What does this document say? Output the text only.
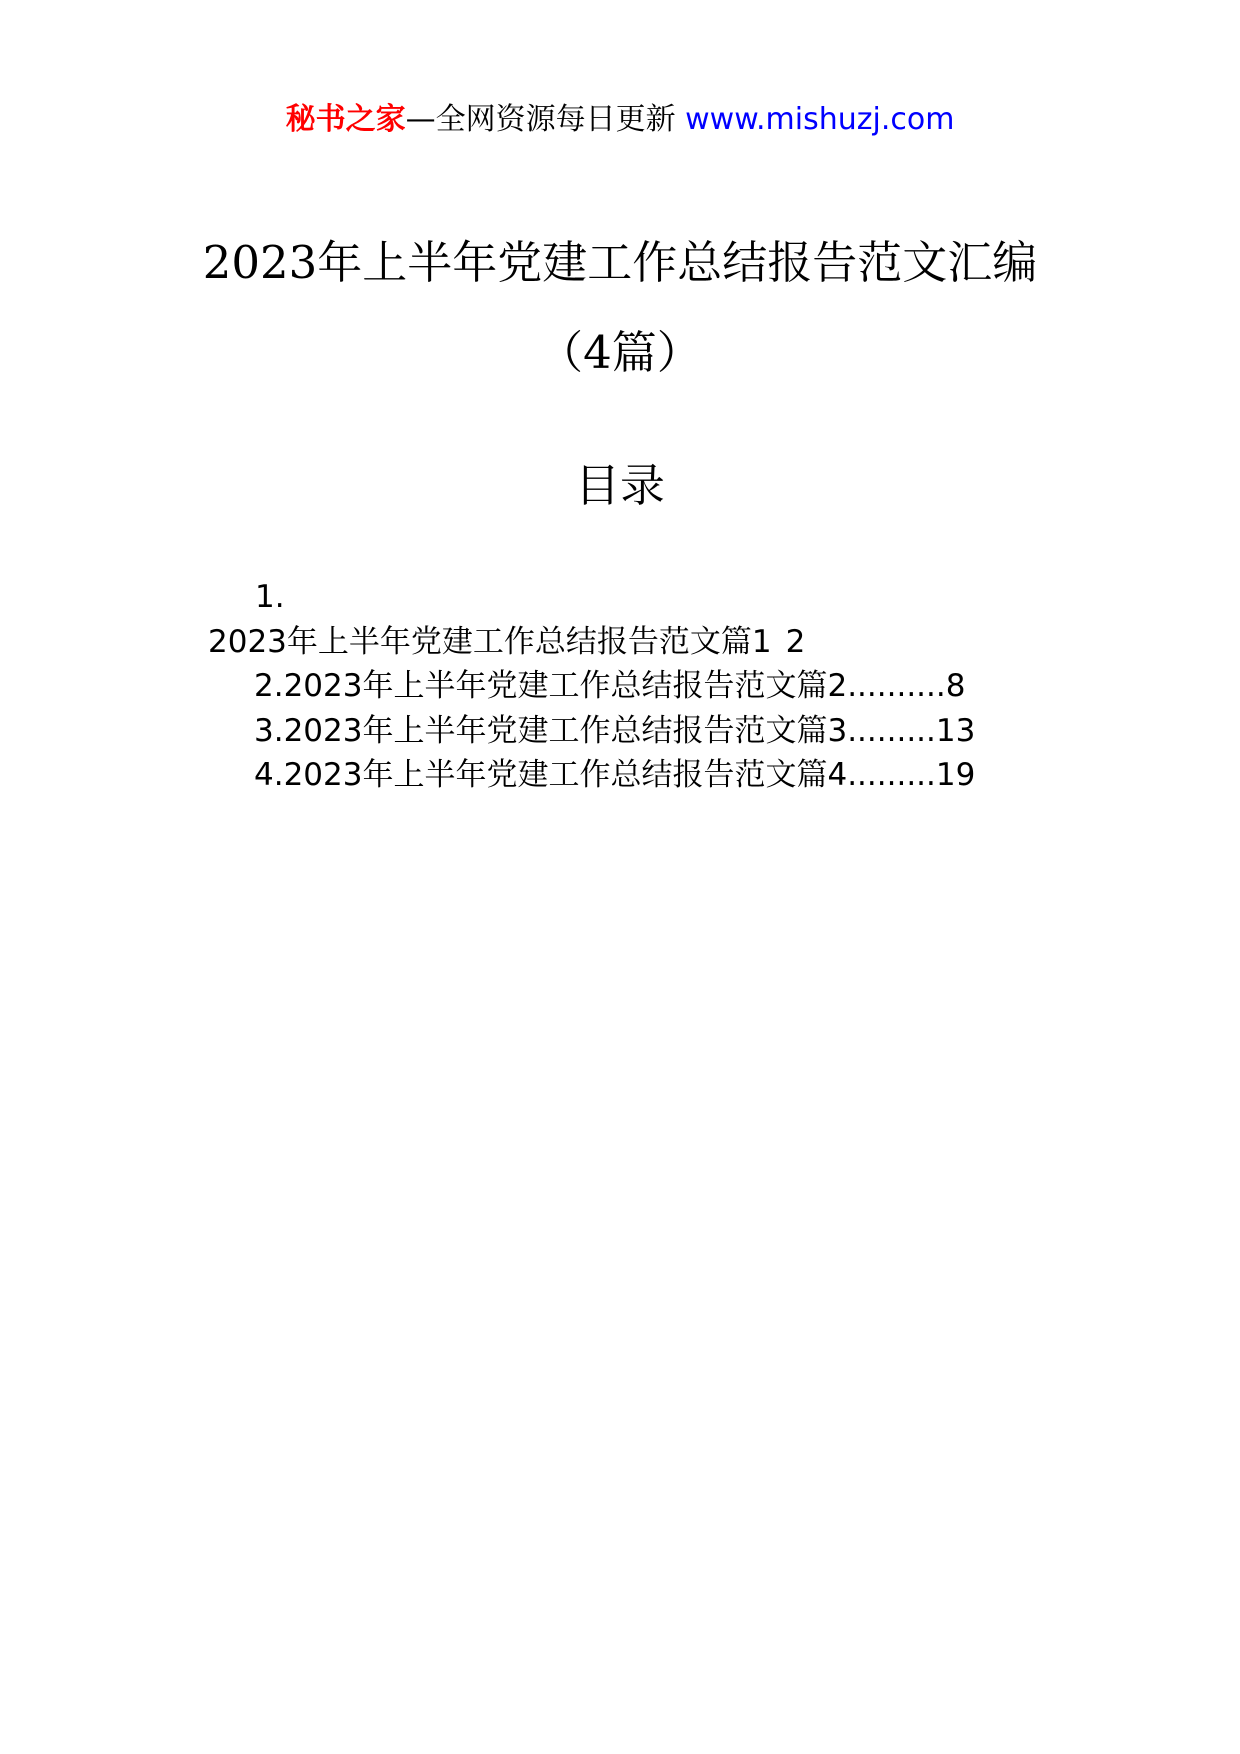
秘书之家—全网资源每日更新 www.mishuzj.com
2023年上半年党建工作总结报告范文汇编
（4篇）
目录
1.
2023年上半年党建工作总结报告范文篇1 2
2.2023年上半年党建工作总结报告范文篇2..........8
3.2023年上半年党建工作总结报告范文篇3.........13
4.2023年上半年党建工作总结报告范文篇4.........19
